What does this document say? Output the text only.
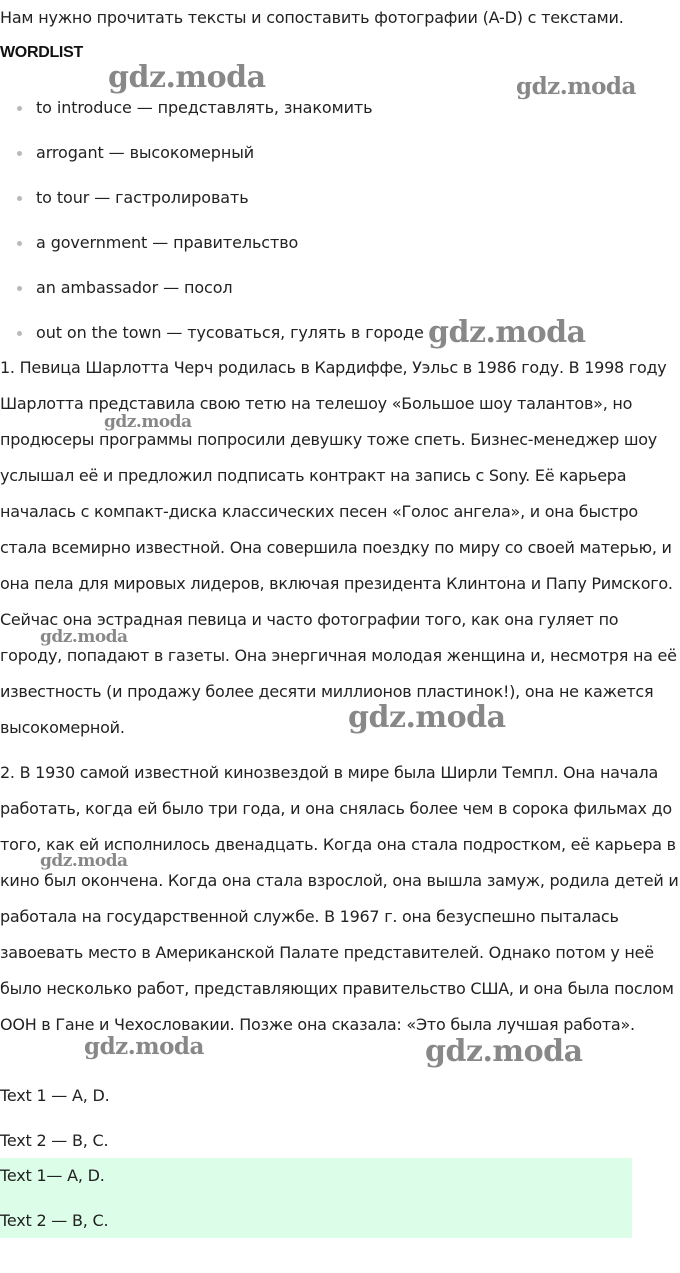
Нам нужно прочитать тексты и сопоставить фотографии (A-D) с текстами.
WORDLIST
to introduce — представлять, знакомить
arrogant — высокомерный
to tour — гастролировать
a government — правительство
an ambassador — посол
out on the town — тусоваться, гулять в городе

1. Певица Шарлотта Черч родилась в Кардиффе, Уэльс в 1986 году. В 1998 году Шарлотта представила свою тетю на телешоу «Большое шоу талантов», но продюсеры программы попросили девушку тоже спеть. Бизнес-менеджер шоу услышал её и предложил подписать контракт на запись с Sony. Её карьера началась с компакт-диска классических песен «Голос ангела», и она быстро стала всемирно известной. Она совершила поездку по миру со своей матерью, и она пела для мировых лидеров, включая президента Клинтона и Папу Римского. Сейчас она эстрадная певица и часто фотографии того, как она гуляет по городу, попадают в газеты. Она энергичная молодая женщина и, несмотря на её известность (и продажу более десяти миллионов пластинок!), она не кажется высокомерной.

2. В 1930 самой известной кинозвездой в мире была Ширли Темпл. Она начала работать, когда ей было три года, и она снялась более чем в сорока фильмах до того, как ей исполнилось двенадцать. Когда она стала подростком, её карьера в кино был окончена. Когда она стала взрослой, она вышла замуж, родила детей и работала на государственной службе. В 1967 г. она безуспешно пыталась завоевать место в Американской Палате представителей. Однако потом у неё было несколько работ, представляющих правительство США, и она была послом ООН в Гане и Чехословакии. Позже она сказала: «Это была лучшая работа».

Text 1 — A, D.
Text 2 — B, C.
Text 1— A, D.
Text 2 — B, C.
gdz.moda	gdz.moda
gdz.moda
gdz.moda
gdz.moda
gdz.moda
gdz.moda
gdz.moda	gdz.moda
